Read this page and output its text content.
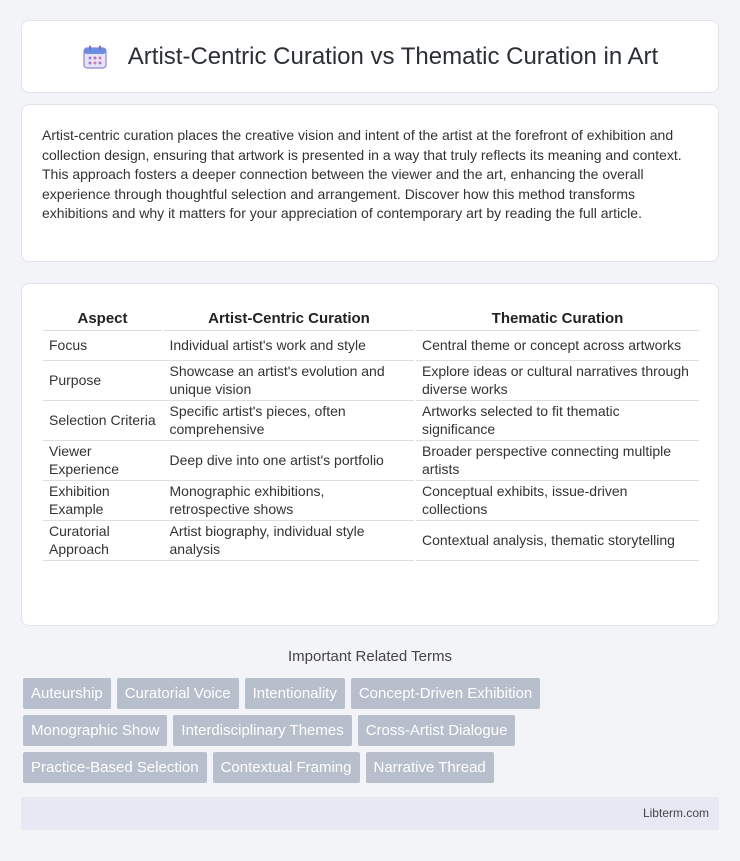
Artist-Centric Curation vs Thematic Curation in Art

Artist-centric curation places the creative vision and intent of the artist at the forefront of exhibition and collection design, ensuring that artwork is presented in a way that truly reflects its meaning and context. This approach fosters a deeper connection between the viewer and the art, enhancing the overall experience through thoughtful selection and arrangement. Discover how this method transforms exhibitions and why it matters for your appreciation of contemporary art by reading the full article.

Aspect	Artist-Centric Curation	Thematic Curation
Focus	Individual artist's work and style	Central theme or concept across artworks
Purpose	Showcase an artist's evolution and unique vision	Explore ideas or cultural narratives through diverse works
Selection Criteria	Specific artist's pieces, often comprehensive	Artworks selected to fit thematic significance
Viewer Experience	Deep dive into one artist's portfolio	Broader perspective connecting multiple artists
Exhibition Example	Monographic exhibitions, retrospective shows	Conceptual exhibits, issue-driven collections
Curatorial Approach	Artist biography, individual style analysis	Contextual analysis, thematic storytelling
Important Related Terms
Auteurship	Curatorial Voice	Intentionality	Concept-Driven Exhibition
Monographic Show	Interdisciplinary Themes	Cross-Artist Dialogue
Practice-Based Selection	Contextual Framing	Narrative Thread
Libterm.com
